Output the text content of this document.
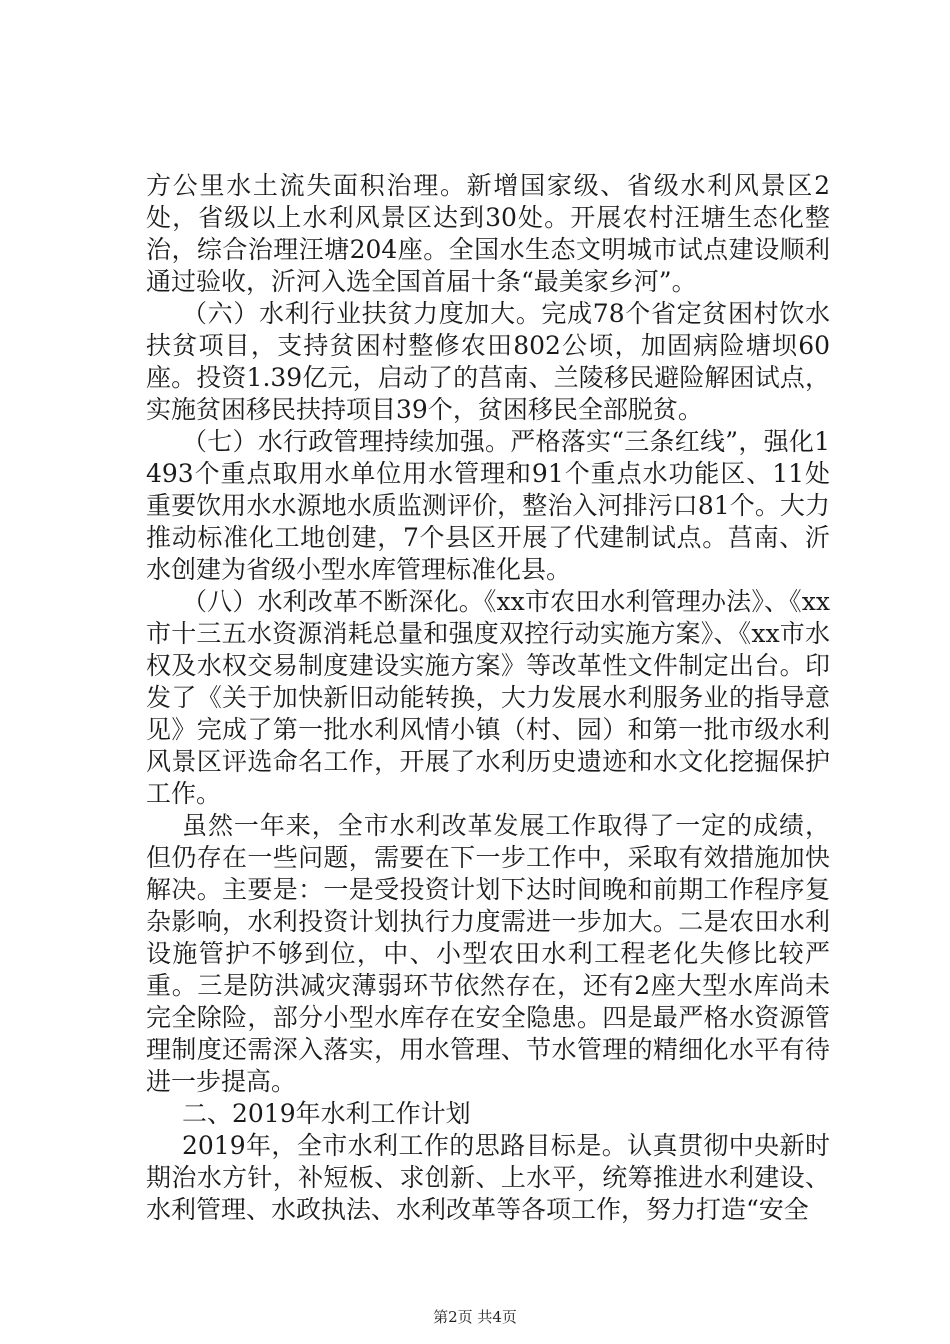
方公里水土流失面积治理。新增国家级、省级水利风景区2处，省级以上水利风景区达到30处。开展农村汪塘生态化整治，综合治理汪塘204座。全国水生态文明城市试点建设顺利通过验收，沂河入选全国首届十条“最美家乡河”。

（六）水利行业扶贫力度加大。完成78个省定贫困村饮水扶贫项目，支持贫困村整修农田802公顷，加固病险塘坝60座。投资1.39亿元，启动了的莒南、兰陵移民避险解困试点，实施贫困移民扶持项目39个，贫困移民全部脱贫。

（七）水行政管理持续加强。严格落实“三条红线”，强化1493个重点取用水单位用水管理和91个重点水功能区、11处重要饮用水水源地水质监测评价，整治入河排污口81个。大力推动标准化工地创建，7个县区开展了代建制试点。莒南、沂水创建为省级小型水库管理标准化县。

（八）水利改革不断深化。《xx市农田水利管理办法》、《xx市十三五水资源消耗总量和强度双控行动实施方案》、《xx市水权及水权交易制度建设实施方案》等改革性文件制定出台。印发了《关于加快新旧动能转换，大力发展水利服务业的指导意见》完成了第一批水利风情小镇（村、园）和第一批市级水利风景区评选命名工作，开展了水利历史遗迹和水文化挖掘保护工作。

虽然一年来，全市水利改革发展工作取得了一定的成绩，但仍存在一些问题，需要在下一步工作中，采取有效措施加快解决。主要是：一是受投资计划下达时间晚和前期工作程序复杂影响，水利投资计划执行力度需进一步加大。二是农田水利设施管护不够到位，中、小型农田水利工程老化失修比较严重。三是防洪减灾薄弱环节依然存在，还有2座大型水库尚未完全除险，部分小型水库存在安全隐患。四是最严格水资源管理制度还需深入落实，用水管理、节水管理的精细化水平有待进一步提高。

二、2019年水利工作计划

2019年，全市水利工作的思路目标是。认真贯彻中央新时期治水方针，补短板、求创新、上水平，统筹推进水利建设、水利管理、水政执法、水利改革等各项工作，努力打造“安全

第2页 共4页
